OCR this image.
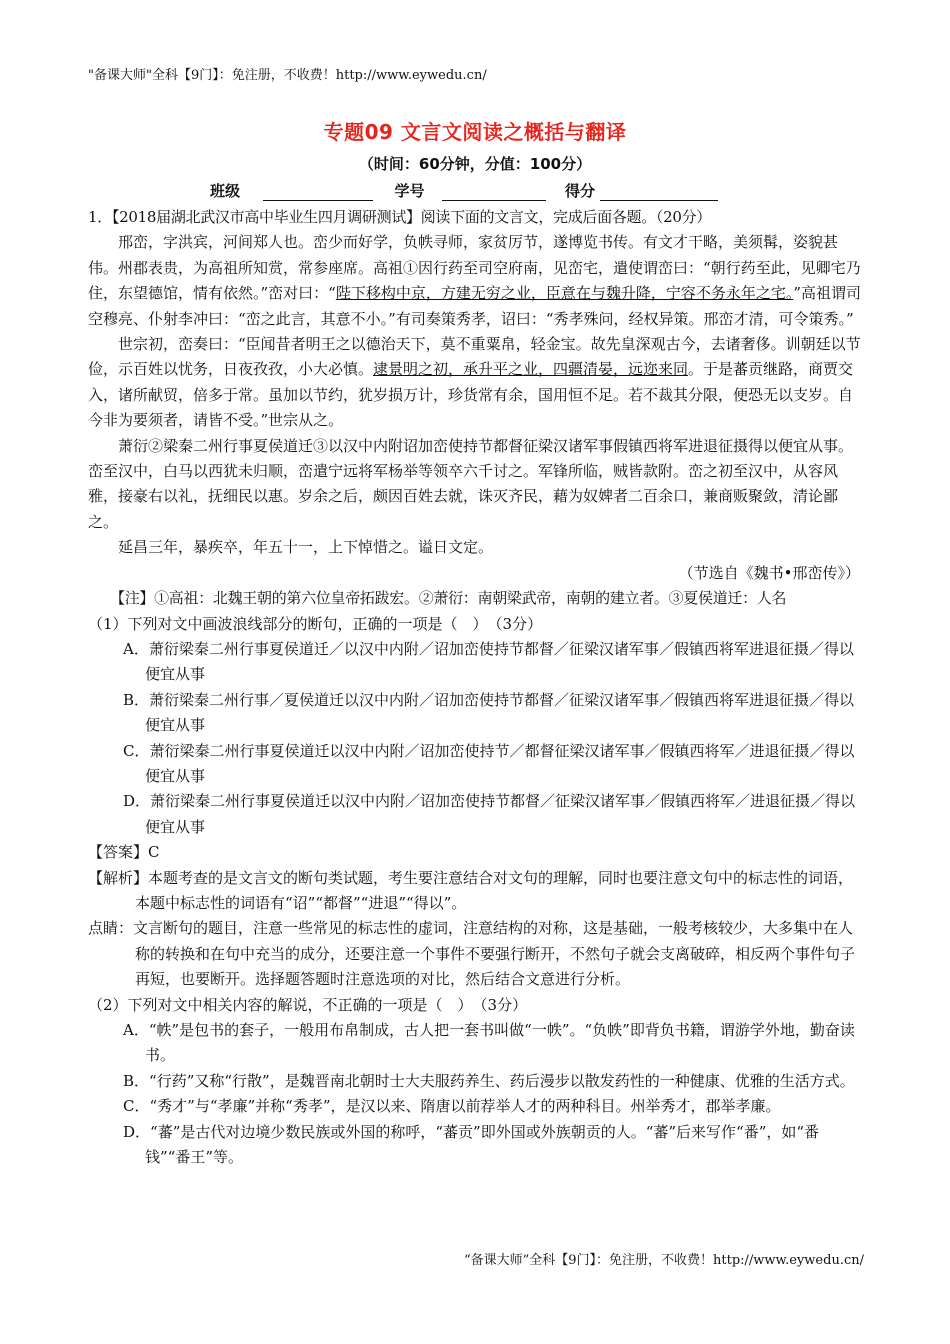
"备课大师"全科【9门】：免注册，不收费！http://www.eywedu.cn/
专题09 文言文阅读之概括与翻译
（时间：60分钟，分值：100分）
班级	学号	得分

1．【2018届湖北武汉市高中毕业生四月调研测试】阅读下面的文言文，完成后面各题。（20分）

邢峦，字洪宾，河间郑人也。峦少而好学，负帙寻师，家贫厉节，遂博览书传。有文才干略，美须髯，姿貌甚伟。州郡表贵，为高祖所知赏，常参座席。高祖①因行药至司空府南，见峦宅，遣使谓峦曰：“朝行药至此，见卿宅乃住，东望德馆，情有依然。”峦对曰：“陛下移构中京，方建无穷之业，臣意在与魏升降，宁容不务永年之宅。”高祖谓司空穆亮、仆射李冲曰：“峦之此言，其意不小。”有司奏策秀孝，诏曰：“秀孝殊问，经权异策。邢峦才清，可令策秀。”

世宗初，峦奏曰：“臣闻昔者明王之以德治天下，莫不重粟帛，轻金宝。故先皇深观古今，去诸奢侈。训朝廷以节俭，示百姓以忧务，日夜孜孜，小大必慎。逮景明之初，承升平之业，四疆清晏，远迩来同。于是蕃贡继路，商贾交入，诸所献贸，倍多于常。虽加以节约，犹岁损万计，珍货常有余，国用恒不足。若不裁其分限，便恐无以支岁。自今非为要须者，请皆不受。”世宗从之。

萧衍②梁秦二州行事夏侯道迁③以汉中内附诏加峦使持节都督征梁汉诸军事假镇西将军进退征摄得以便宜从事。峦至汉中，白马以西犹未归顺，峦遣宁远将军杨举等领卒六千讨之。军锋所临，贼皆款附。峦之初至汉中，从容风雅，接豪右以礼，抚细民以惠。岁余之后，颇因百姓去就，诛灭齐民，藉为奴婢者二百余口，兼商贩聚敛，清论鄙之。

延昌三年，暴疾卒，年五十一，上下悼惜之。谥日文定。

（节选自《魏书•邢峦传》）

【注】①高祖：北魏王朝的第六位皇帝拓跋宏。②萧衍：南朝梁武帝，南朝的建立者。③夏侯道迁：人名

（1）下列对文中画波浪线部分的断句，正确的一项是（　）　（3分）

A．萧衍梁秦二州行事夏侯道迁／以汉中内附／诏加峦使持节都督／征梁汉诸军事／假镇西将军进退征摄／得以便宜从事

B．萧衍梁秦二州行事／夏侯道迁以汉中内附／诏加峦使持节都督／征梁汉诸军事／假镇西将军进退征摄／得以便宜从事

C．萧衍梁秦二州行事夏侯道迁以汉中内附／诏加峦使持节／都督征梁汉诸军事／假镇西将军／进退征摄／得以便宜从事

D．萧衍梁秦二州行事夏侯道迁以汉中内附／诏加峦使持节都督／征梁汉诸军事／假镇西将军／进退征摄／得以便宜从事

【答案】C

【解析】本题考查的是文言文的断句类试题，考生要注意结合对文句的理解，同时也要注意文句中的标志性的词语，本题中标志性的词语有“诏”“都督”“进退”“得以”。

点睛：文言断句的题目，注意一些常见的标志性的虚词，注意结构的对称，这是基础，一般考核较少，大多集中在人称的转换和在句中充当的成分，还要注意一个事件不要强行断开，不然句子就会支离破碎，相反两个事件句子再短，也要断开。选择题答题时注意选项的对比，然后结合文意进行分析。

（2）下列对文中相关内容的解说，不正确的一项是（　）　（3分）

A．“帙”是包书的套子，一般用布帛制成，古人把一套书叫做“一帙”。“负帙”即背负书籍，谓游学外地，勤奋读书。

B．“行药”又称“行散”，是魏晋南北朝时士大夫服药养生、药后漫步以散发药性的一种健康、优雅的生活方式。

C．“秀才”与“孝廉”并称“秀孝”，是汉以来、隋唐以前荐举人才的两种科目。州举秀才，郡举孝廉。

D．“蕃”是古代对边境少数民族或外国的称呼，“蕃贡”即外国或外族朝贡的人。“蕃”后来写作“番”，如“番钱”“番王”等。

“备课大师”全科【9门】：免注册，不收费！http://www.eywedu.cn/
